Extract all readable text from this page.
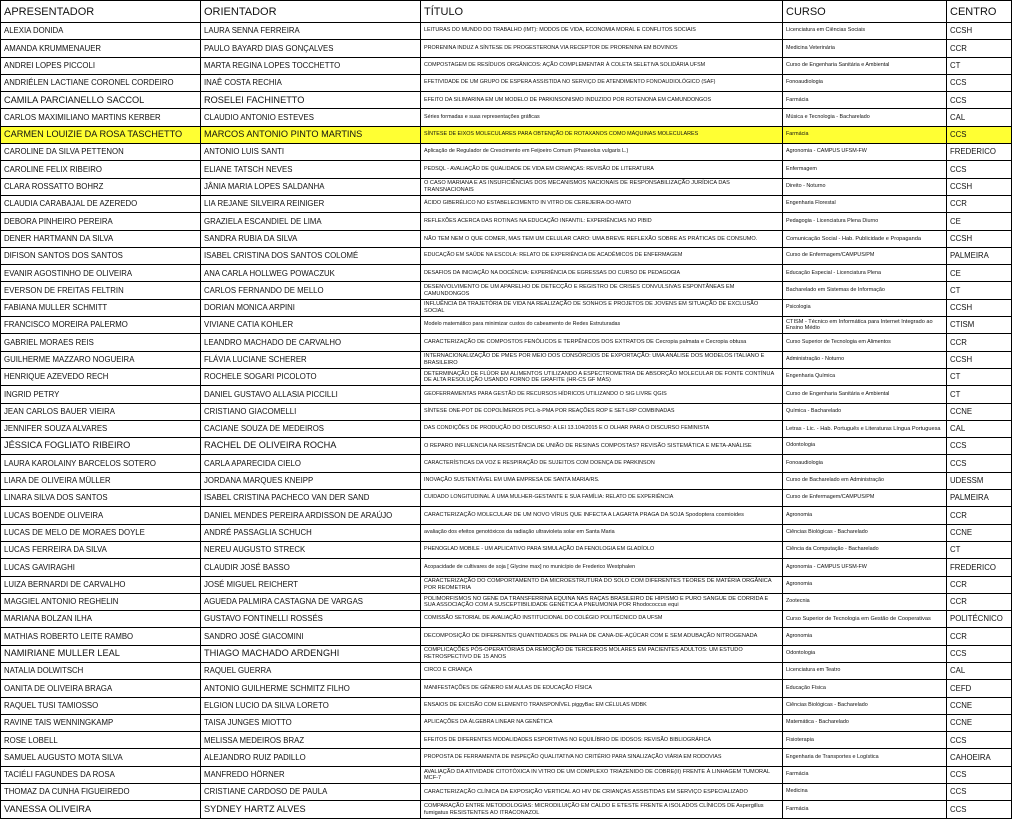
APRESENTADOR	ORIENTADOR	TÍTULO	CURSO	CENTRO
ALEXIA DONIDA	LAURA SENNA FERREIRA	LEITURAS DO MUNDO DO TRABALHO (IMT): MODOS DE VIDA, ECONOMIA MORAL E CONFLITOS SOCIAIS	Licenciatura em Ciências Sociais	CCSH
AMANDA KRUMMENAUER	PAULO BAYARD DIAS GONÇALVES	PRORENINA INDUZ A SÍNTESE DE PROGESTERONA VIA RECEPTOR DE PRORENINA EM BOVINOS	Medicina Veterinária	CCR
ANDREI LOPES PICCOLI	MARTA REGINA LOPES TOCCHETTO	COMPOSTAGEM DE RESÍDUOS ORGÂNICOS: AÇÃO COMPLEMENTAR À COLETA SELETIVA SOLIDÁRIA UFSM	Curso de Engenharia Sanitária e Ambiental	CT
ANDRIÉLEN LACTIANE CORONEL CORDEIRO	INAÊ COSTA RECHIA	EFETIVIDADE DE UM GRUPO DE ESPERA ASSISTIDA NO SERVIÇO DE ATENDIMENTO FONOAUDIOLÓGICO (SAF)	Fonoaudiologia	CCS
CAMILA PARCIANELLO SACCOL	ROSELEI FACHINETTO	EFEITO DA SILIMARINA EM UM MODELO DE PARKINSONISMO INDUZIDO POR ROTENONA EM CAMUNDONGOS	Farmácia	CCS
CARLOS MAXIMILIANO MARTINS KERBER	CLAUDIO ANTONIO ESTEVES	Séries formadas e suas representações gráficas	Música e Tecnologia - Bacharelado	CAL
CARMEN LOUIZIE DA ROSA TASCHETTO	MARCOS ANTONIO PINTO MARTINS	SÍNTESE DE EIXOS MOLECULARES PARA OBTENÇÃO DE ROTAXANOS COMO MÁQUINAS MOLECULARES	Farmácia	CCS
CAROLINE DA SILVA PETTENON	ANTONIO LUIS SANTI	Aplicação de Regulador de Crescimento em Feijoeiro Comum (Phaseolus vulgaris L.)	Agronomia - CAMPUS UFSM-FW	FREDERICO
CAROLINE FELIX RIBEIRO	ELIANE TATSCH NEVES	PEDSQL - AVALIAÇÃO DE QUALIDADE DE VIDA EM CRIANÇAS: REVISÃO DE LITERATURA	Enfermagem	CCS
CLARA ROSSATTO BOHRZ	JÂNIA MARIA LOPES SALDANHA	O CASO MARIANA E AS INSUFICIÊNCIAS DOS MECANISMOS NACIONAIS DE RESPONSABILIZAÇÃO JURÍDICA DAS TRANSNACIONAIS	Direito - Noturno	CCSH
CLAUDIA CARABAJAL DE AZEREDO	LIA REJANE SILVEIRA REINIGER	ÁCIDO GIBERÉLICO NO ESTABELECIMENTO IN VITRO DE CEREJEIRA-DO-MATO	Engenharia Florestal	CCR
DEBORA PINHEIRO PEREIRA	GRAZIELA ESCANDIEL DE LIMA	REFLEXÕES ACERCA DAS ROTINAS NA EDUCAÇÃO INFANTIL: EXPERIÊNCIAS NO PIBID	Pedagogia - Licenciatura Plena Diurno	CE
DENER HARTMANN DA SILVA	SANDRA RUBIA DA SILVA	NÃO TEM NEM O QUE COMER, MAS TEM UM CELULAR CARO: UMA BREVE REFLEXÃO SOBRE AS PRÁTICAS DE CONSUMO.	Comunicação Social - Hab. Publicidade e Propaganda	CCSH
DIFISON SANTOS DOS SANTOS	ISABEL CRISTINA DOS SANTOS COLOMÉ	EDUCAÇÃO EM SAÚDE NA ESCOLA: RELATO DE EXPERIÊNCIA DE ACADÊMICOS DE ENFERMAGEM	Curso de Enfermagem/CAMPUS/PM	PALMEIRA
EVANIR AGOSTINHO DE OLIVEIRA	ANA CARLA HOLLWEG POWACZUK	DESAFIOS DA INICIAÇÃO NA DOCÊNCIA: EXPERIÊNCIA DE EGRESSAS DO CURSO DE PEDAGOGIA	Educação Especial - Licenciatura Plena	CE
EVERSON DE FREITAS FELTRIN	CARLOS FERNANDO DE MELLO	DESENVOLVIMENTO DE UM APARELHO DE DETECÇÃO E REGISTRO DE CRISES CONVULSIVAS ESPONTÂNEAS EM CAMUNDONGOS	Bacharelado em Sistemas de Informação	CT
FABIANA MULLER SCHMITT	DORIAN MONICA ARPINI	INFLUÊNCIA DA TRAJETÓRIA DE VIDA NA REALIZAÇÃO DE SONHOS E PROJETOS DE JOVENS EM SITUAÇÃO DE EXCLUSÃO SOCIAL	Psicologia	CCSH
FRANCISCO MOREIRA PALERMO	VIVIANE CATIA KOHLER	Modelo matemático para minimizar custos do cabeamento de Redes Estruturadas	CTISM - Técnico em Informática para Internet Integrado ao Ensino Médio	CTISM
GABRIEL MORAES REIS	LEANDRO MACHADO DE CARVALHO	CARACTERIZAÇÃO DE COMPOSTOS FENÓLICOS E TERPÊNICOS DOS EXTRATOS DE Cecropia palmata e Cecropia obtusa	Curso Superior de Tecnologia em Alimentos	CCR
GUILHERME MAZZARO NOGUEIRA	FLÁVIA LUCIANE SCHERER	INTERNACIONALIZAÇÃO DE PMES POR MEIO DOS CONSÓRCIOS DE EXPORTAÇÃO: UMA ANÁLISE DOS MODELOS ITALIANO E BRASILEIRO	Administração - Noturno	CCSH
HENRIQUE AZEVEDO RECH	ROCHELE SOGARI PICOLOTO	DETERMINAÇÃO DE FLÚOR EM ALIMENTOS UTILIZANDO A ESPECTROMETRIA DE ABSORÇÃO MOLECULAR DE FONTE CONTÍNUA DE ALTA RESOLUÇÃO USANDO FORNO DE GRAFITE (HR-CS GF MAS)	Engenharia Química	CT
INGRID PETRY	DANIEL GUSTAVO ALLASIA PICCILLI	GEOFERRAMENTAS PARA GESTÃO DE RECURSOS HÍDRICOS UTILIZANDO O SIG LIVRE QGIS	Curso de Engenharia Sanitária e Ambiental	CT
JEAN CARLOS BAUER VIEIRA	CRISTIANO GIACOMELLI	SÍNTESE ONE-POT DE COPOLÍMEROS PCL-b-PMA POR REAÇÕES ROP E SET-LRP COMBINADAS	Química - Bacharelado	CCNE
JENNIFER SOUZA ALVARES	CACIANE SOUZA DE MEDEIROS	DAS CONDIÇÕES DE PRODUÇÃO DO DISCURSO: A LEI 13.104/2015 E O OLHAR PARA O DISCURSO FEMINISTA	Letras - Lic. - Hab. Português e Literaturas Língua Portuguesa	CAL
JÉSSICA FOGLIATO RIBEIRO	RACHEL DE OLIVEIRA ROCHA	O REPARO INFLUENCIA NA RESISTÊNCIA DE UNIÃO DE RESINAS COMPOSTAS? REVISÃO SISTEMÁTICA E META-ANÁLISE	Odontologia	CCS
LAURA KAROLAINY BARCELOS SOTERO	CARLA APARECIDA CIELO	CARACTERÍSTICAS DA VOZ E RESPIRAÇÃO DE SUJEITOS COM DOENÇA DE PARKINSON	Fonoaudiologia	CCS
LIARA DE OLIVEIRA MÜLLER	JORDANA MARQUES KNEIPP	INOVAÇÃO SUSTENTÁVEL EM UMA EMPRESA DE SANTA MARIA/RS.	Curso de Bacharelado em Administração	UDESSM
LINARA SILVA DOS SANTOS	ISABEL CRISTINA PACHECO VAN DER SAND	CUIDADO LONGITUDINAL À UMA MULHER-GESTANTE E SUA FAMÍLIA: RELATO DE EXPERIÊNCIA	Curso de Enfermagem/CAMPUS/PM	PALMEIRA
LUCAS BOENDE OLIVEIRA	DANIEL MENDES PEREIRA ARDISSON DE ARAÚJO	CARACTERIZAÇÃO MOLECULAR DE UM NOVO VÍRUS QUE INFECTA A LAGARTA PRAGA DA SOJA Spodoptera cosmioides	Agronomia	CCR
LUCAS DE MELO DE MORAES DOYLE	ANDRÉ PASSAGLIA SCHUCH	avaliação dos efeitos genotóxicos da radiação ultravioleta solar em Santa Maria	Ciências Biológicas - Bacharelado	CCNE
LUCAS FERREIRA DA SILVA	NEREU AUGUSTO STRECK	PHENOGLAD MOBILE - UM APLICATIVO PARA SIMULAÇÃO DA FENOLOGIA EM GLADÍOLO	Ciência da Computação - Bacharelado	CT
LUCAS GAVIRAGHI	CLAUDIR JOSÉ BASSO	Acopacidade de cultivares de soja [ Glycine max] no município de Frederico Westphalen	Agronomia - CAMPUS UFSM-FW	FREDERICO
LUIZA BERNARDI DE CARVALHO	JOSÉ MIGUEL REICHERT	CARACTERIZAÇÃO DO COMPORTAMENTO DA MICROESTRUTURA DO SOLO COM DIFERENTES TEORES DE MATÉRIA ORGÂNICA POR REOMETRIA	Agronomia	CCR
MAGGIEL ANTONIO REGHELIN	AGUEDA PALMIRA CASTAGNA DE VARGAS	POLIMORFISMOS NO GENE DA TRANSFERRINA EQUINA NAS RAÇAS BRASILEIRO DE HIPISMO E PURO SANGUE DE CORRIDA E SUA ASSOCIAÇÃO COM A SUSCEPTIBILIDADE GENÉTICA A PNEUMONIA POR Rhodococcus equi	Zootecnia	CCR
MARIANA BOLZAN ILHA	GUSTAVO FONTINELLI ROSSÉS	COMISSÃO SETORIAL DE AVALIAÇÃO INSTITUCIONAL DO COLÉGIO POLITÉCNICO DA UFSM	Curso Superior de Tecnologia em Gestão de Cooperativas	POLITÉCNICO
MATHIAS ROBERTO LEITE RAMBO	SANDRO JOSÉ GIACOMINI	DECOMPOSIÇÃO DE DIFERENTES QUANTIDADES DE PALHA DE CANA-DE-AÇÚCAR COM E SEM ADUBAÇÃO NITROGENADA	Agronomia	CCR
NAMIRIANE MULLER LEAL	THIAGO MACHADO ARDENGHI	COMPLICAÇÕES PÓS-OPERATÓRIAS DA REMOÇÃO DE TERCEIROS MOLARES EM PACIENTES ADULTOS: UM ESTUDO RETROSPECTIVO DE 15 ANOS	Odontologia	CCS
NATALIA DOLWITSCH	RAQUEL GUERRA	CIRCO E CRIANÇA	Licenciatura em Teatro	CAL
OANITA DE OLIVEIRA BRAGA	ANTONIO GUILHERME SCHMITZ FILHO	MANIFESTAÇÕES DE GÊNERO EM AULAS DE EDUCAÇÃO FÍSICA	Educação Física	CEFD
RAQUEL TUSI TAMIOSSO	ELGION LUCIO DA SILVA LORETO	ENSAIOS DE EXCISÃO COM ELEMENTO TRANSPONÍVEL piggyBac EM CÉLULAS MDBK	Ciências Biológicas - Bacharelado	CCNE
RAVINE TAIS WENNINGKAMP	TAISA JUNGES MIOTTO	APLICAÇÕES DA ÁLGEBRA LINEAR NA GENÉTICA	Matemática - Bacharelado	CCNE
ROSE LOBELL	MELISSA MEDEIROS BRAZ	EFEITOS DE DIFERENTES MODALIDADES ESPORTIVAS NO EQUILÍBRIO DE IDOSOS: REVISÃO BIBLIOGRÁFICA	Fisioterapia	CCS
SAMUEL AUGUSTO MOTA SILVA	ALEJANDRO RUIZ PADILLO	PROPOSTA DE FERRAMENTA DE INSPEÇÃO QUALITATIVA NO CRITÉRIO PARA SINALIZAÇÃO VIÁRIA EM RODOVIAS	Engenharia de Transportes e Logística	CAHOEIRA
TACIÉLI FAGUNDES DA ROSA	MANFREDO HÖRNER	AVALIAÇÃO DA ATIVIDADE CITOTÓXICA IN VITRO DE UM COMPLEXO TRIAZENIDO DE COBRE(II) FRENTE À LINHAGEM TUMORAL MCF-7	Farmácia	CCS
THOMAZ DA CUNHA FIGUEIREDO	CRISTIANE CARDOSO DE PAULA	CARACTERIZAÇÃO CLÍNICA DA EXPOSIÇÃO VERTICAL AO HIV DE CRIANÇAS ASSISTIDAS EM SERVIÇO ESPECIALIZADO	Medicina	CCS
VANESSA OLIVEIRA	SYDNEY HARTZ ALVES	COMPARAÇÃO ENTRE METODOLOGIAS: MICRODILUIÇÃO EM CALDO E ETESTE FRENTE A ISOLADOS CLÍNICOS DE Aspergillus fumigatus RESISTENTES AO ITRACONAZOL	Farmácia	CCS
